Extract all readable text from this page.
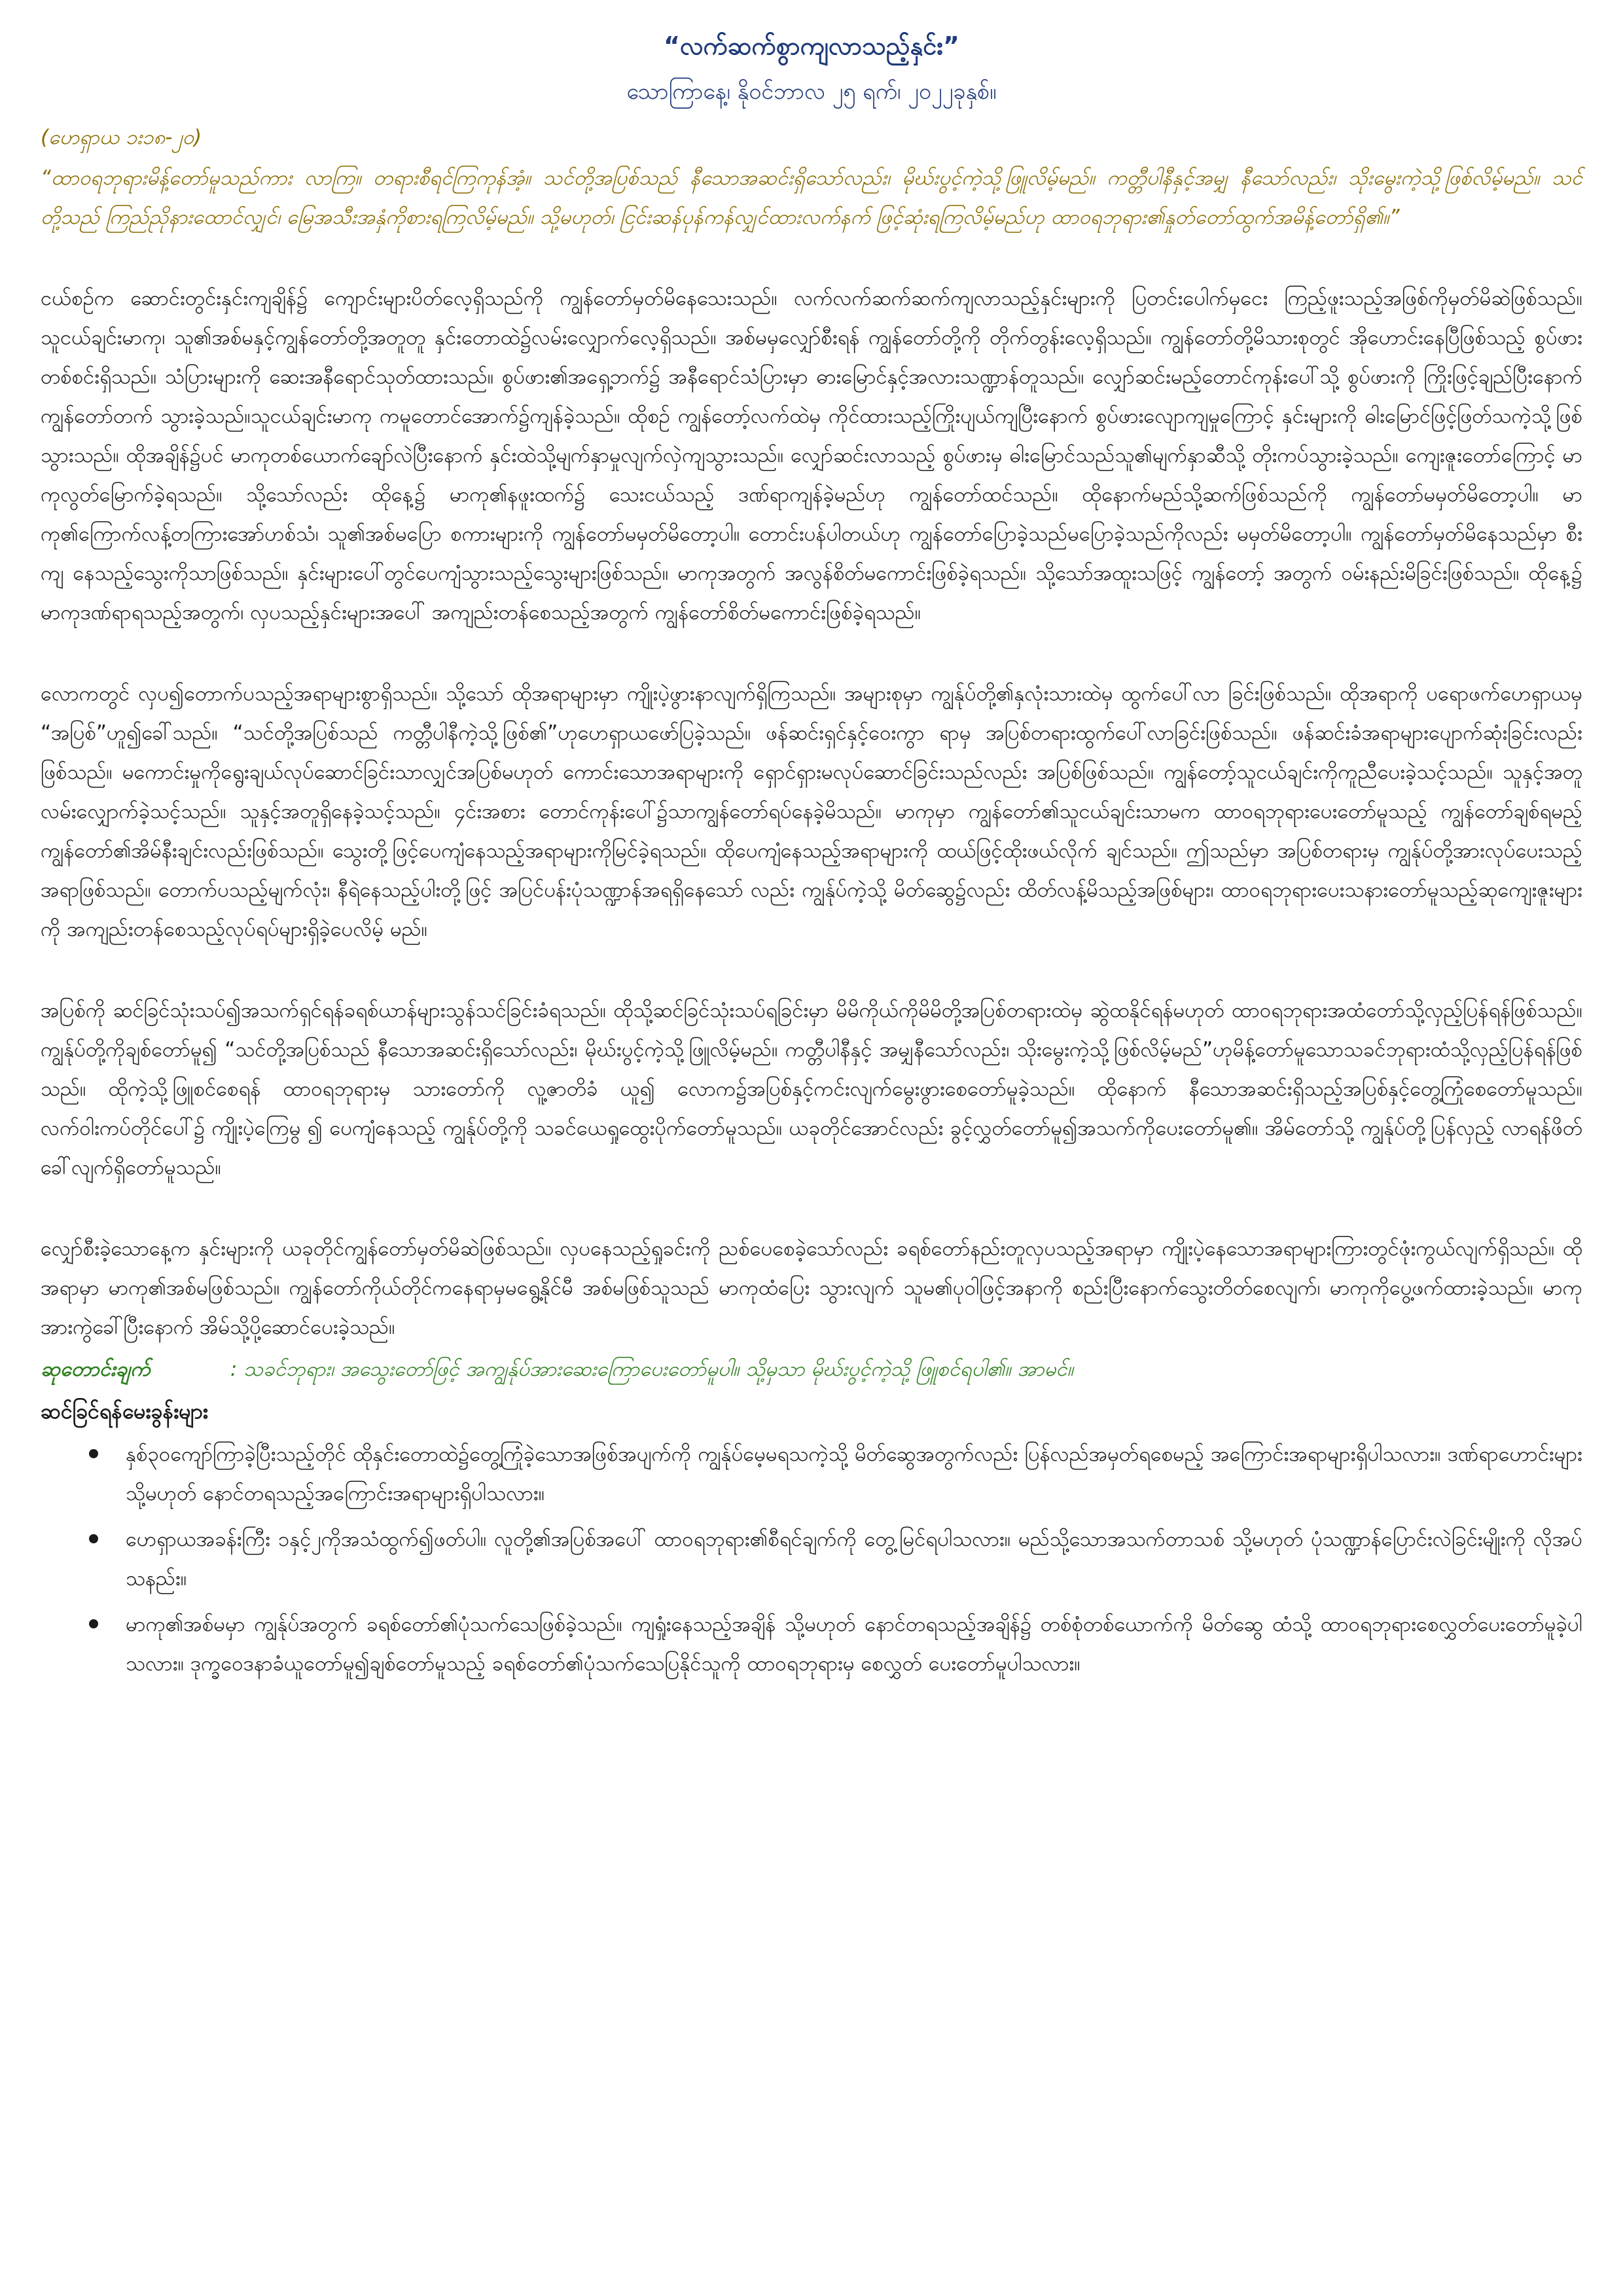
“လက်ဆက်စွာကျလာသည့်နှင်း”

သောကြာနေ့၊ နိုဝင်ဘာလ ၂၅ ရက်၊ ၂၀၂၂ခုနှစ်။

(ဟေရှာယ ၁း၁၈-၂၀)

“ထာဝရဘုရားမိန့်တော်မူသည်ကား လာကြ။ တရားစီရင်ကြကုန်အံ့။ သင်တို့အပြစ်သည် နီသောအဆင်းရှိသော်လည်း၊ မိုဃ်းပွင့်ကဲ့သို့ဖြူလိမ့်မည်။ ကတ္တီပါနီနှင့်အမျှ နီသော်လည်း၊ သိုးမွေးကဲ့သို့ဖြစ်လိမ့်မည်။ သင်တို့သည် ကြည်ညိုနားထောင်လျှင်၊ မြေအသီးအနှံကိုစားရကြလိမ့်မည်။ သို့မဟုတ်၊ ငြင်းဆန်ပုန်ကန်လျှင်ထားလက်နက် ဖြင့်ဆုံးရကြလိမ့်မည်ဟု ထာဝရဘုရား၏နှုတ်တော်ထွက်အမိန့်တော်ရှိ၏။”

ငယ်စဉ်က ဆောင်းတွင်းနှင်းကျချိန်၌ ကျောင်းများပိတ်လေ့ရှိသည်ကို ကျွန်တော်မှတ်မိနေသေးသည်။ လက်လက်ဆက်ဆက်ကျလာသည့်နှင်းများကို ပြတင်းပေါက်မှငေး ကြည့်ဖူးသည့်အဖြစ်ကိုမှတ်မိဆဲဖြစ်သည်။ သူငယ်ချင်းမာကု၊ သူ၏အစ်မနှင့်ကျွန်တော်တို့အတူတူ နှင်းတောထဲ၌လမ်းလျှောက်လေ့ရှိသည်။ အစ်မမှလျှော်စီးရန် ကျွန်တော်တို့ကို တိုက်တွန်းလေ့ရှိသည်။ ကျွန်တော်တို့မိသားစုတွင် အိုဟောင်းနေပြီဖြစ်သည့် စွပ်ဖားတစ်စင်းရှိသည်။ သံပြားများကို ဆေးအနီရောင်သုတ်ထားသည်။ စွပ်ဖား၏အရှေ့ဘက်၌ အနီရောင်သံပြားမှာ ဓားမြောင်နှင့်အလားသဏ္ဍာန်တူသည်။ လျှော်ဆင်းမည့်တောင်ကုန်းပေါ်သို့ စွပ်ဖားကို ကြိုးဖြင့်ချည်ပြီးနောက် ကျွန်တော်တက် သွားခဲ့သည်။သူငယ်ချင်းမာကု ကမူတောင်အောက်၌ကျန်ခဲ့သည်။ ထိုစဉ် ကျွန်တော့်လက်ထဲမှ ကိုင်ထားသည့်ကြိုးပျယ်ကျပြီးနောက် စွပ်ဖားလျောကျမှုကြောင့် နှင်းများကို ဓါးမြောင်ဖြင့်ဖြတ်သကဲ့သို့ဖြစ်သွားသည်။ ထိုအချိန်၌ပင် မာကုတစ်ယောက်ချော်လဲပြီးနောက် နှင်းထဲသို့မျက်နှာမှုလျက်လှဲကျသွားသည်။ လျှော်ဆင်းလာသည့် စွပ်ဖားမှ ဓါးမြောင်သည်သူ၏မျက်နှာဆီသို့ တိုးကပ်သွားခဲ့သည်။ ကျေးဇူးတော်ကြောင့် မာကုလွတ်မြောက်ခဲ့ရသည်။ သို့သော်လည်း ထိုနေ့၌ မာကု၏နဖူးထက်၌ သေးငယ်သည့် ဒဏ်ရာကျန်ခဲ့မည်ဟု ကျွန်တော်ထင်သည်။ ထိုနောက်မည်သို့ဆက်ဖြစ်သည်ကို ကျွန်တော်မမှတ်မိတော့ပါ။ မာကု၏ကြောက်လန့်တကြားအော်ဟစ်သံ၊ သူ၏အစ်မပြော စကားများကို ကျွန်တော်မမှတ်မိတော့ပါ။ တောင်းပန်ပါတယ်ဟု ကျွန်တော်ပြောခဲ့သည်မပြောခဲ့သည်ကိုလည်း မမှတ်မိတော့ပါ။ ကျွန်တော်မှတ်မိနေသည်မှာ စီးကျ နေသည့်သွေးကိုသာဖြစ်သည်။ နှင်းများပေါ်တွင်ပေကျံသွားသည့်သွေးများဖြစ်သည်။ မာကုအတွက် အလွန်စိတ်မကောင်းဖြစ်ခဲ့ရသည်။ သို့သော်အထူးသဖြင့် ကျွန်တော့် အတွက် ဝမ်းနည်းမိခြင်းဖြစ်သည်။ ထိုနေ့၌ မာကုဒဏ်ရာရသည့်အတွက်၊ လှပသည့်နှင်းများအပေါ် အကျည်းတန်စေသည့်အတွက် ကျွန်တော်စိတ်မကောင်းဖြစ်ခဲ့ရသည်။

လောကတွင် လှပ၍တောက်ပသည့်အရာများစွာရှိသည်။ သို့သော် ထိုအရာများမှာ ကျိုးပဲ့ဖွားနာလျက်ရှိကြသည်။ အများစုမှာ ကျွန်ုပ်တို့၏နှလုံးသားထဲမှ ထွက်ပေါ်လာ ခြင်းဖြစ်သည်။ ထိုအရာကို ပရောဖက်ဟေရှာယမှ “အပြစ်”ဟူ၍ခေါ်သည်။ “သင်တို့အပြစ်သည် ကတ္တီပါနီကဲ့သို့ဖြစ်၏”ဟုဟေရှာယဖော်ပြခဲ့သည်။ ဖန်ဆင်းရှင်နှင့်ဝေးကွာ ရာမှ အပြစ်တရားထွက်ပေါ်လာခြင်းဖြစ်သည်။ ဖန်ဆင်းခံအရာများပျောက်ဆုံးခြင်းလည်းဖြစ်သည်။ မကောင်းမှုကိုရွေးချယ်လုပ်ဆောင်ခြင်းသာလျှင်အပြစ်မဟုတ် ကောင်းသောအရာများကို ရှောင်ရှားမလုပ်ဆောင်ခြင်းသည်လည်း အပြစ်ဖြစ်သည်။ ကျွန်တော့်သူငယ်ချင်းကိုကူညီပေးခဲ့သင့်သည်။ သူနှင့်အတူလမ်းလျှောက်ခဲ့သင့်သည်။ သူနှင့်အတူရှိနေခဲ့သင့်သည်။ ၄င်းအစား တောင်ကုန်းပေါ်၌သာကျွန်တော်ရပ်နေခဲ့မိသည်။ မာကုမှာ ကျွန်တော်၏သူငယ်ချင်းသာမက ထာဝရဘုရားပေးတော်မူသည့် ကျွန်တော်ချစ်ရမည့် ကျွန်တော်၏အိမ်နီးချင်းလည်းဖြစ်သည်။ သွေးတို့ဖြင့်ပေကျံနေသည့်အရာများကိုမြင်ခဲ့ရသည်။ ထိုပေကျံနေသည့်အရာများကို ထယ်ဖြင့်ထိုးဖယ်လိုက် ချင်သည်။ ဤသည်မှာ အပြစ်တရားမှ ကျွန်ုပ်တို့အားလုပ်ပေးသည့်အရာဖြစ်သည်။ တောက်ပသည့်မျက်လုံး၊ နီရဲနေသည့်ပါးတို့ဖြင့် အပြင်ပန်းပုံသဏ္ဍာန်အရရှိနေသော် လည်း ကျွန်ုပ်ကဲ့သို့ မိတ်ဆွေ၌လည်း ထိတ်လန့်မိသည့်အဖြစ်များ၊ ထာဝရဘုရားပေးသနားတော်မူသည့်ဆုကျေးဇူးများကို အကျည်းတန်စေသည့်လုပ်ရပ်များရှိခဲ့ပေလိမ့် မည်။

အပြစ်ကို ဆင်ခြင်သုံးသပ်၍အသက်ရှင်ရန်ခရစ်ယာန်များသွန်သင်ခြင်းခံရသည်။ ထိုသို့ဆင်ခြင်သုံးသပ်ရခြင်းမှာ မိမိကိုယ်ကိုမိမိတို့အပြစ်တရားထဲမှ ဆွဲထနိုင်ရန်မဟုတ် ထာဝရဘုရားအထံတော်သို့လှည့်ပြန်ရန်ဖြစ်သည်။ ကျွန်ုပ်တို့ကိုချစ်တော်မူ၍ “သင်တို့အပြစ်သည် နီသောအဆင်းရှိသော်လည်း၊ မိုဃ်းပွင့်ကဲ့သို့ဖြူလိမ့်မည်။ ကတ္တီပါနီနှင့် အမျှနီသော်လည်း၊ သိုးမွေးကဲ့သို့ဖြစ်လိမ့်မည်”ဟုမိန့်တော်မူသောသခင်ဘုရားထံသို့လှည့်ပြန်ရန်ဖြစ်သည်။ ထိုကဲ့သို့ဖြူစင်စေရန် ထာဝရဘုရားမှ သားတော်ကို လူ့ဇာတိခံ ယူ၍ လောက၌အပြစ်နှင့်ကင်းလျက်မွေးဖွားစေတော်မူခဲ့သည်။ ထိုနောက် နီသောအဆင်းရှိသည့်အပြစ်နှင့်တွေ့ကြုံစေတော်မူသည်။ လက်ဝါးကပ်တိုင်ပေါ်၌ ကျိုးပဲ့ကြေမွ ၍ ပေကျံနေသည့် ကျွန်ုပ်တို့ကို သခင်ယေရှုထွေးပိုက်တော်မူသည်။ ယခုတိုင်အောင်လည်း ခွင့်လွှတ်တော်မူ၍အသက်ကိုပေးတော်မူ၏။ အိမ်တော်သို့ ကျွန်ုပ်တို့ပြန်လှည့် လာရန်ဖိတ်ခေါ်လျက်ရှိတော်မူသည်။

လျှော်စီးခဲ့သောနေ့က နှင်းများကို ယခုတိုင်ကျွန်တော်မှတ်မိဆဲဖြစ်သည်။ လှပနေသည့်ရှုခင်းကို ညစ်ပေစေခဲ့သော်လည်း ခရစ်တော်နည်းတူလှပသည့်အရာမှာ ကျိုးပဲ့နေသောအရာများကြားတွင်ဖုံးကွယ်လျက်ရှိသည်။ ထိုအရာမှာ မာကု၏အစ်မဖြစ်သည်။ ကျွန်တော်ကိုယ်တိုင်ကနေရာမှမရွေ့နိုင်မီ အစ်မဖြစ်သူသည် မာကုထံပြေး သွားလျက် သူမ၏ပုဝါဖြင့်အနာကို စည်းပြီးနောက်သွေးတိတ်စေလျက်၊ မာကုကိုပွေ့ဖက်ထားခဲ့သည်။ မာကုအားကွဲခေါ်ပြီးနောက် အိမ်သို့ပို့ဆောင်ပေးခဲ့သည်။

ဆုတောင်းချက်	: သခင်ဘုရား၊ အသွေးတော်ဖြင့် အကျွန်ုပ်အားဆေးကြောပေးတော်မူပါ။ သို့မှသာ မိုဃ်းပွင့်ကဲ့သို့ ဖြူစင်ရပါ၏။ အာမင်။

ဆင်ခြင်ရန်မေးခွန်းများ

နှစ်၃၀ကျော်ကြာခဲ့ပြီးသည့်တိုင် ထိုနှင်းတောထဲ၌တွေ့ကြုံခဲ့သောအဖြစ်အပျက်ကို ကျွန်ုပ်မေ့မရသကဲ့သို့ မိတ်ဆွေအတွက်လည်း ပြန်လည်အမှတ်ရစေမည့် အကြောင်းအရာများရှိပါသလား။ ဒဏ်ရာဟောင်းများ သို့မဟုတ် နောင်တရသည့်အကြောင်းအရာများရှိပါသလား။
ဟေရှာယအခန်းကြီး ၁နှင့်၂ကိုအသံထွက်၍ဖတ်ပါ။ လူတို့၏အပြစ်အပေါ် ထာဝရဘုရား၏စီရင်ချက်ကို တွေ့မြင်ရပါသလား။ မည်သို့သောအသက်တာသစ် သို့မဟုတ် ပုံသဏ္ဍာန်ပြောင်းလဲခြင်းမျိုးကို လိုအပ်သနည်း။
မာကု၏အစ်မမှာ ကျွန်ုပ်အတွက် ခရစ်တော်၏ပုံသက်သေဖြစ်ခဲ့သည်။ ကျရှုံးနေသည့်အချိန် သို့မဟုတ် နောင်တရသည့်အချိန်၌ တစ်စုံတစ်ယောက်ကို မိတ်ဆွေ ထံသို့ ထာဝရဘုရားစေလွှတ်ပေးတော်မူခဲ့ပါသလား။ ဒုက္ခဝေဒနာခံယူတော်မူ၍ချစ်တော်မူသည့် ခရစ်တော်၏ပုံသက်သေပြနိုင်သူကို ထာဝရဘုရားမှ စေလွှတ် ပေးတော်မူပါသလား။
